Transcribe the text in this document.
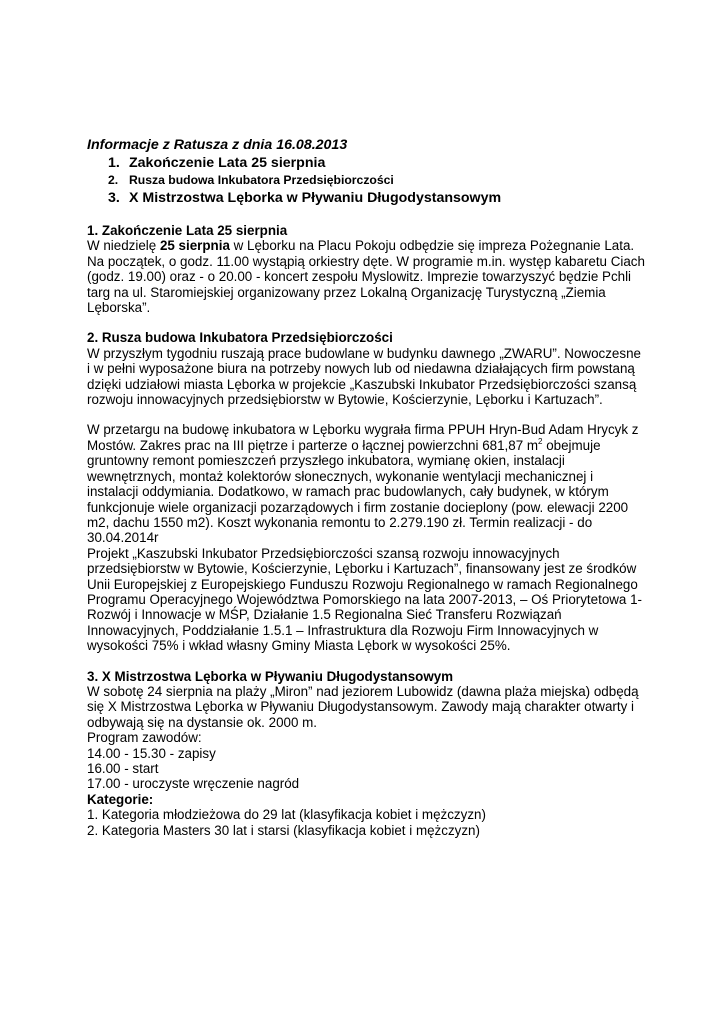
Informacje z Ratusza z dnia 16.08.2013

1. Zakończenie Lata 25 sierpnia
2. Rusza budowa Inkubatora Przedsiębiorczości
3. X Mistrzostwa Lęborka w Pływaniu Długodystansowym

1. Zakończenie Lata 25 sierpnia

W niedzielę 25 sierpnia w Lęborku na Placu Pokoju odbędzie się impreza Pożegnanie Lata. Na początek, o godz. 11.00 wystąpią orkiestry dęte. W programie m.in. występ kabaretu Ciach (godz. 19.00) oraz - o 20.00 - koncert zespołu Myslowitz. Imprezie towarzyszyć będzie Pchli targ na ul. Staromiejskiej organizowany przez Lokalną Organizację Turystyczną „Ziemia Lęborska”.

2. Rusza budowa Inkubatora Przedsiębiorczości

W przyszłym tygodniu ruszają prace budowlane w budynku dawnego „ZWARU”. Nowoczesne i w pełni wyposażone biura na potrzeby nowych lub od niedawna działających firm powstaną dzięki udziałowi miasta Lęborka w projekcie „Kaszubski Inkubator Przedsiębiorczości szansą rozwoju innowacyjnych przedsiębiorstw w Bytowie, Kościerzynie, Lęborku i Kartuzach”.

W przetargu na budowę inkubatora w Lęborku wygrała firma PPUH Hryn-Bud Adam Hrycyk z Mostów. Zakres prac na III piętrze i parterze o łącznej powierzchni 681,87 $m^2$ obejmuje gruntowny remont pomieszczeń przyszłego inkubatora, wymianę okien, instalacji wewnętrznych, montaż kolektorów słonecznych, wykonanie wentylacji mechanicznej i instalacji oddymiania. Dodatkowo, w ramach prac budowlanych, cały budynek, w którym funkcjonuje wiele organizacji pozarządowych i firm zostanie docieplony (pow. elewacji 2200 m2, dachu 1550 m2). Koszt wykonania remontu to 2.279.190 zł. Termin realizacji - do 30.04.2014r

Projekt „Kaszubski Inkubator Przedsiębiorczości szansą rozwoju innowacyjnych przedsiębiorstw w Bytowie, Kościerzynie, Lęborku i Kartuzach”, finansowany jest ze środków Unii Europejskiej z Europejskiego Funduszu Rozwoju Regionalnego w ramach Regionalnego Programu Operacyjnego Województwa Pomorskiego na lata 2007-2013, – Oś Priorytetowa 1-Rozwój i Innowacje w MŚP, Działanie 1.5 Regionalna Sieć Transferu Rozwiązań Innowacyjnych, Poddziałanie 1.5.1 – Infrastruktura dla Rozwoju Firm Innowacyjnych w wysokości 75% i wkład własny Gminy Miasta Lębork w wysokości 25%.

3. X Mistrzostwa Lęborka w Pływaniu Długodystansowym

W sobotę 24 sierpnia na plaży „Miron” nad jeziorem Lubowidz (dawna plaża miejska) odbędą się X Mistrzostwa Lęborka w Pływaniu Długodystansowym. Zawody mają charakter otwarty i odbywają się na dystansie ok. 2000 m.

Program zawodów:

14.00 - 15.30 - zapisy

16.00 - start

17.00 - uroczyste wręczenie nagród

Kategorie:

1. Kategoria młodzieżowa do 29 lat (klasyfikacja kobiet i mężczyzn)

2. Kategoria Masters 30 lat i starsi (klasyfikacja kobiet i mężczyzn)
